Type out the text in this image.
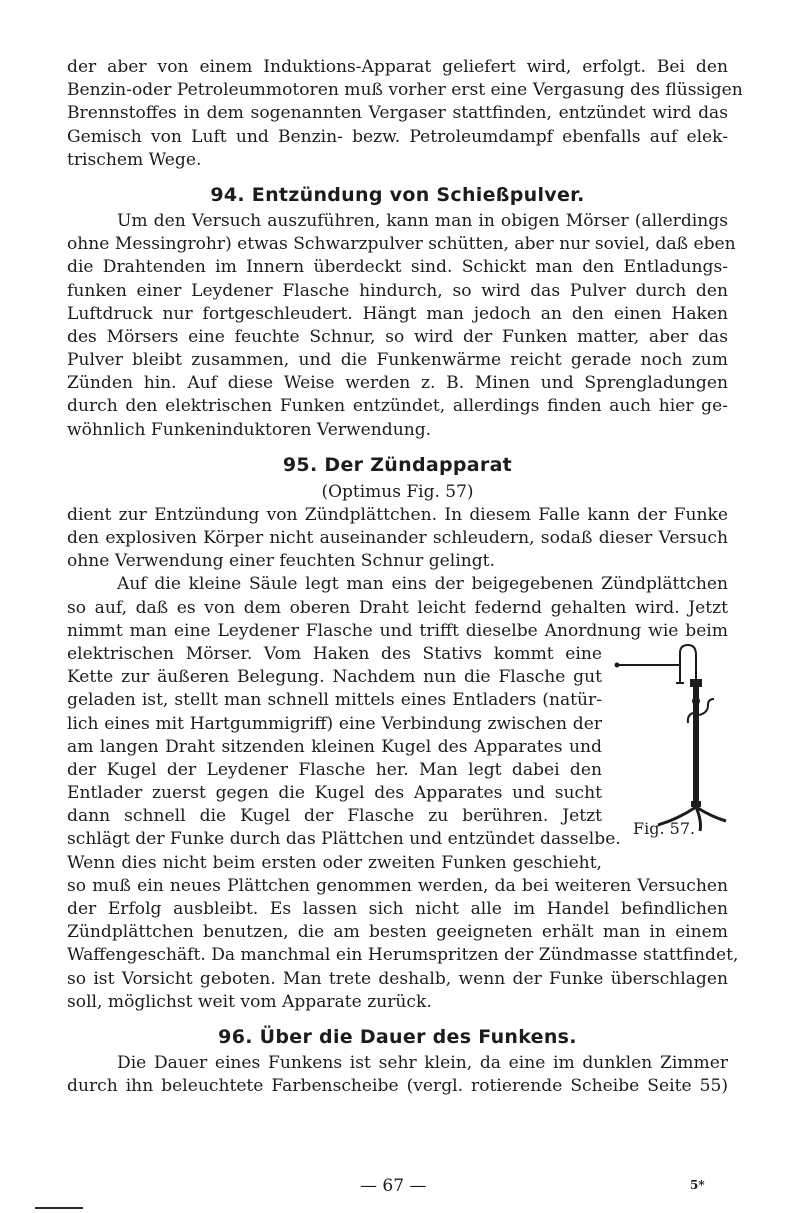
der aber von einem Induktions-Apparat geliefert wird, erfolgt. Bei den
Benzin-oder Petroleummotoren muß vorher erst eine Vergasung des flüssigen
Brennstoffes in dem sogenannten Vergaser stattfinden, entzündet wird das
Gemisch von Luft und Benzin- bezw. Petroleumdampf ebenfalls auf elek-
trischem Wege.
94. Entzündung von Schießpulver.
Um den Versuch auszuführen, kann man in obigen Mörser (allerdings
ohne Messingrohr) etwas Schwarzpulver schütten, aber nur soviel, daß eben
die Drahtenden im Innern überdeckt sind. Schickt man den Entladungs-
funken einer Leydener Flasche hindurch, so wird das Pulver durch den
Luftdruck nur fortgeschleudert. Hängt man jedoch an den einen Haken
des Mörsers eine feuchte Schnur, so wird der Funken matter, aber das
Pulver bleibt zusammen, und die Funkenwärme reicht gerade noch zum
Zünden hin. Auf diese Weise werden z. B. Minen und Sprengladungen
durch den elektrischen Funken entzündet, allerdings finden auch hier ge-
wöhnlich Funkeninduktoren Verwendung.
95. Der Zündapparat
(Optimus Fig. 57)
dient zur Entzündung von Zündplättchen. In diesem Falle kann der Funke
den explosiven Körper nicht auseinander schleudern, sodaß dieser Versuch
ohne Verwendung einer feuchten Schnur gelingt.
Auf die kleine Säule legt man eins der beigegebenen Zündplättchen
so auf, daß es von dem oberen Draht leicht federnd gehalten wird. Jetzt
nimmt man eine Leydener Flasche und trifft dieselbe Anordnung wie beim
elektrischen Mörser. Vom Haken des Stativs kommt eine
Kette zur äußeren Belegung. Nachdem nun die Flasche gut
geladen ist, stellt man schnell mittels eines Entladers (natür-
lich eines mit Hartgummigriff) eine Verbindung zwischen der
am langen Draht sitzenden kleinen Kugel des Apparates und
der Kugel der Leydener Flasche her. Man legt dabei den
Entlader zuerst gegen die Kugel des Apparates und sucht
dann schnell die Kugel der Flasche zu berühren. Jetzt
schlägt der Funke durch das Plättchen und entzündet dasselbe.
Wenn dies nicht beim ersten oder zweiten Funken geschieht,
Fig. 57.
so muß ein neues Plättchen genommen werden, da bei weiteren Versuchen
der Erfolg ausbleibt. Es lassen sich nicht alle im Handel befindlichen
Zündplättchen benutzen, die am besten geeigneten erhält man in einem
Waffengeschäft. Da manchmal ein Herumspritzen der Zündmasse stattfindet,
so ist Vorsicht geboten. Man trete deshalb, wenn der Funke überschlagen
soll, möglichst weit vom Apparate zurück.
96. Über die Dauer des Funkens.
Die Dauer eines Funkens ist sehr klein, da eine im dunklen Zimmer
durch ihn beleuchtete Farbenscheibe (vergl. rotierende Scheibe Seite 55)
— 67 —	5*
